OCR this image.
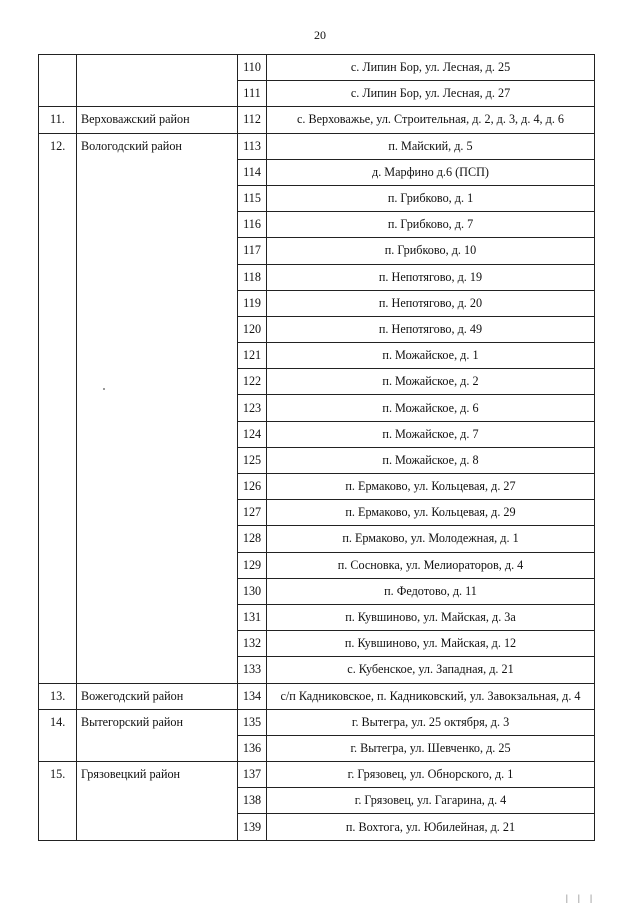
20
		110	с. Липин Бор, ул. Лесная, д. 25
		111	с. Липин Бор, ул. Лесная, д. 27
11.	Верховажский район	112	с. Верховажье, ул. Строительная, д. 2, д. 3, д. 4, д. 6
12.	Вологодский район	113	п. Майский, д. 5
		114	д. Марфино д.6 (ПСП)
		115	п. Грибково, д. 1
		116	п. Грибково, д. 7
		117	п. Грибково, д. 10
		118	п. Непотягово, д. 19
		119	п. Непотягово, д. 20
		120	п. Непотягово, д. 49
		121	п. Можайское, д. 1
		122	п. Можайское, д. 2
		123	п. Можайское, д. 6
		124	п. Можайское, д. 7
		125	п. Можайское, д. 8
		126	п. Ермаково, ул. Кольцевая, д. 27
		127	п. Ермаково, ул. Кольцевая, д. 29
		128	п. Ермаково, ул. Молодежная, д. 1
		129	п. Сосновка, ул. Мелиораторов, д. 4
		130	п. Федотово, д. 11
		131	п. Кувшиново, ул. Майская, д. 3а
		132	п. Кувшиново, ул. Майская, д. 12
		133	с. Кубенское, ул. Западная, д. 21
13.	Вожегодский район	134	с/п Кадниковское, п. Кадниковский, ул. Завокзальная, д. 4
14.	Вытегорский район	135	г. Вытегра, ул. 25 октября, д. 3
		136	г. Вытегра, ул. Шевченко, д. 25
15.	Грязовецкий район	137	г. Грязовец, ул. Обнорского, д. 1
		138	г. Грязовец, ул. Гагарина, д. 4
		139	п. Вохтога, ул. Юбилейная, д. 21
| | |
